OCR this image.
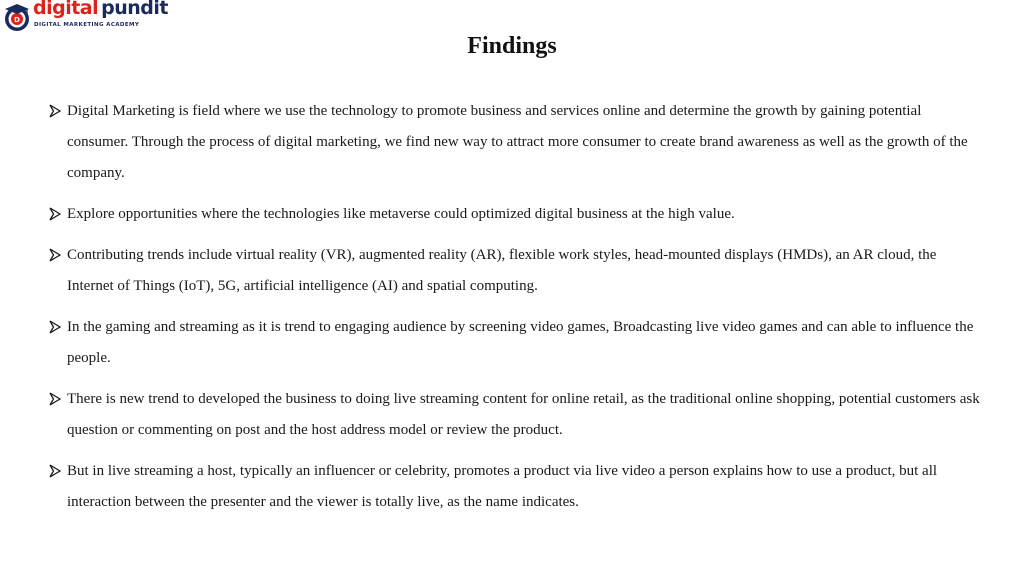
D
digital pundit
DIGITAL MARKETING ACADEMY
Findings
Digital Marketing is field where we use the technology to promote business and services online and determine the growth by gaining potential consumer. Through the process of digital marketing, we find new way to attract more consumer to create brand awareness as well as the growth of the company.
Explore opportunities where the technologies like metaverse could optimized digital business at the high value.
Contributing trends include virtual reality (VR), augmented reality (AR), flexible work styles, head-mounted displays (HMDs), an AR cloud, the Internet of Things (IoT), 5G, artificial intelligence (AI) and spatial computing.
In the gaming and streaming as it is trend to engaging audience by screening video games, Broadcasting live video games and can able to influence the people.
There is new trend to developed the business to doing live streaming content for online retail, as the traditional online shopping, potential customers ask question or commenting on post and the host address model or review the product.
But in live streaming a host, typically an influencer or celebrity, promotes a product via live video a person explains how to use a product, but all interaction between the presenter and the viewer is totally live, as the name indicates.
